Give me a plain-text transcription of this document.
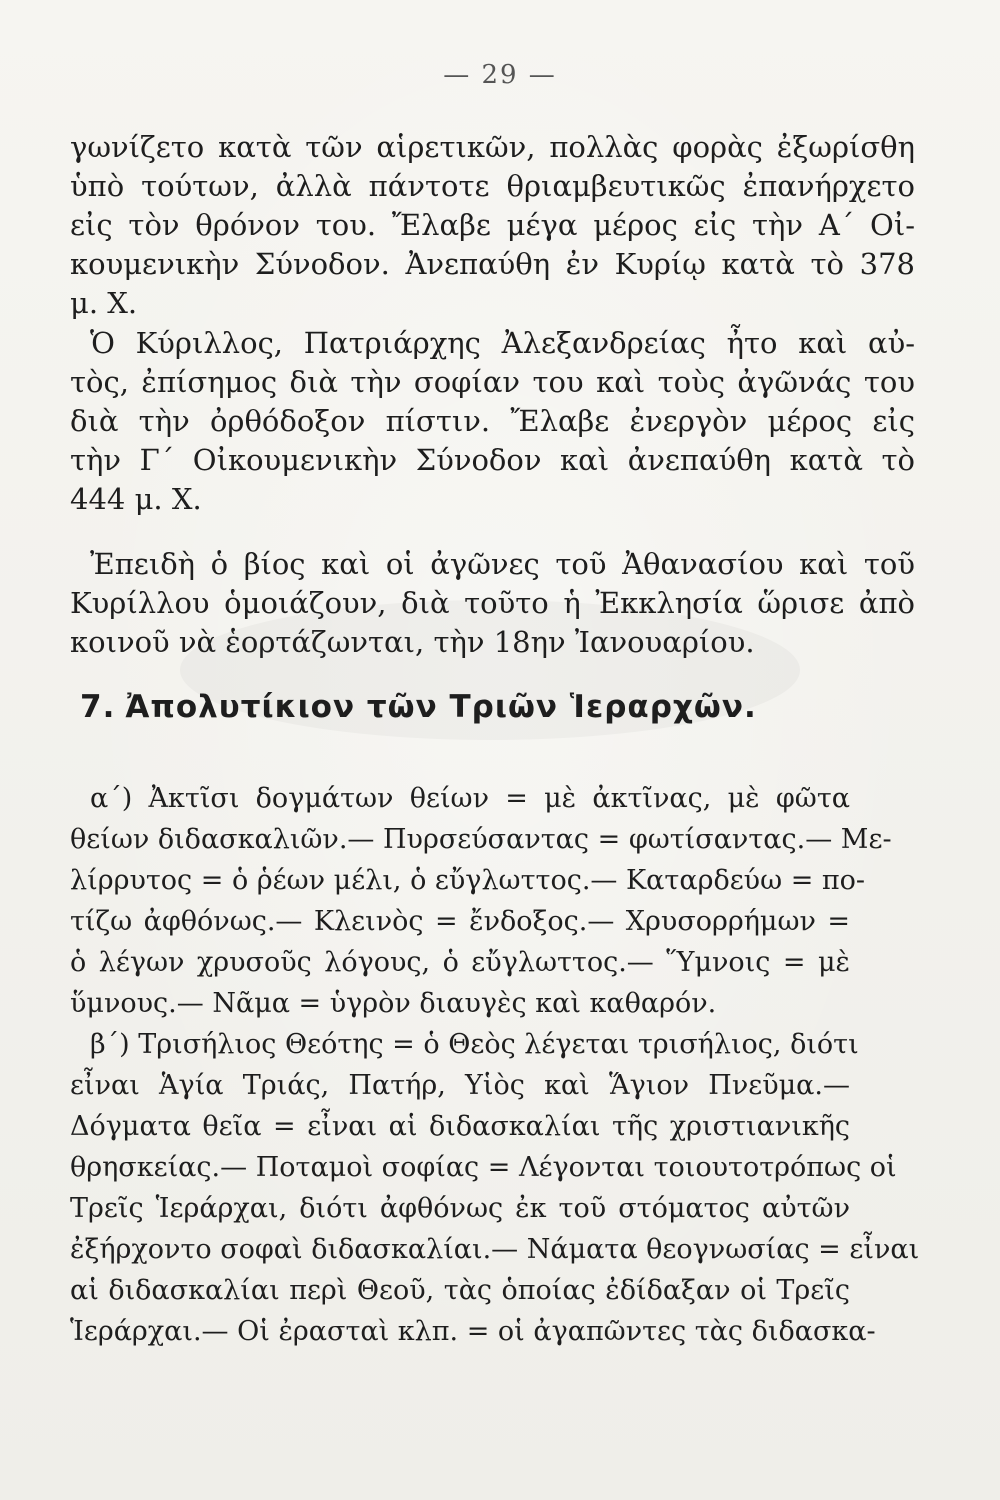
— 29 —
γωνίζετο κατὰ τῶν αἱρετικῶν, πολλὰς φορὰς ἐξωρίσθη
ὑπὸ τούτων, ἀλλὰ πάντοτε θριαμβευτικῶς ἐπανήρχετο
εἰς τὸν θρόνον του. Ἔλαβε μέγα μέρος εἰς τὴν Α΄ Οἰ-
κουμενικὴν Σύνοδον. Ἀνεπαύθη ἐν Κυρίῳ κατὰ τὸ 378
μ. Χ.
Ὁ Κύριλλος, Πατριάρχης Ἀλεξανδρείας ἦτο καὶ αὐ-
τὸς, ἐπίσημος διὰ τὴν σοφίαν του καὶ τοὺς ἀγῶνάς του
διὰ τὴν ὀρθόδοξον πίστιν. Ἔλαβε ἐνεργὸν μέρος εἰς
τὴν Γ΄ Οἰκουμενικὴν Σύνοδον καὶ ἀνεπαύθη κατὰ τὸ
444 μ. Χ.
Ἐπειδὴ ὁ βίος καὶ οἱ ἀγῶνες τοῦ Ἀθανασίου καὶ τοῦ
Κυρίλλου ὁμοιάζουν, διὰ τοῦτο ἡ Ἐκκλησία ὥρισε ἀπὸ
κοινοῦ νὰ ἑορτάζωνται, τὴν 18ην Ἰανουαρίου.
7. Ἀπολυτίκιον τῶν Τριῶν Ἱεραρχῶν.
α΄) Ἀκτῖσι δογμάτων θείων = μὲ ἀκτῖνας, μὲ φῶτα
θείων διδασκαλιῶν.— Πυρσεύσαντας = φωτίσαντας.— Με-
λίρρυτος = ὁ ῥέων μέλι, ὁ εὔγλωττος.— Καταρδεύω = πο-
τίζω ἀφθόνως.— Κλεινὸς = ἔνδοξος.— Χρυσορρήμων =
ὁ λέγων χρυσοῦς λόγους, ὁ εὔγλωττος.— Ὕμνοις = μὲ
ὕμνους.— Νᾶμα = ὑγρὸν διαυγὲς καὶ καθαρόν.
β΄) Τρισήλιος Θεότης = ὁ Θεὸς λέγεται τρισήλιος, διότι
εἶναι Ἁγία Τριάς, Πατήρ, Υἱὸς καὶ Ἅγιον Πνεῦμα.—
Δόγματα θεῖα = εἶναι αἱ διδασκαλίαι τῆς χριστιανικῆς
θρησκείας.— Ποταμοὶ σοφίας = Λέγονται τοιουτοτρόπως οἱ
Τρεῖς Ἱεράρχαι, διότι ἀφθόνως ἐκ τοῦ στόματος αὐτῶν
ἐξήρχοντο σοφαὶ διδασκαλίαι.— Νάματα θεογνωσίας = εἶναι
αἱ διδασκαλίαι περὶ Θεοῦ, τὰς ὁποίας ἐδίδαξαν οἱ Τρεῖς
Ἱεράρχαι.— Οἱ ἐρασταὶ κλπ. = οἱ ἀγαπῶντες τὰς διδασκα-
